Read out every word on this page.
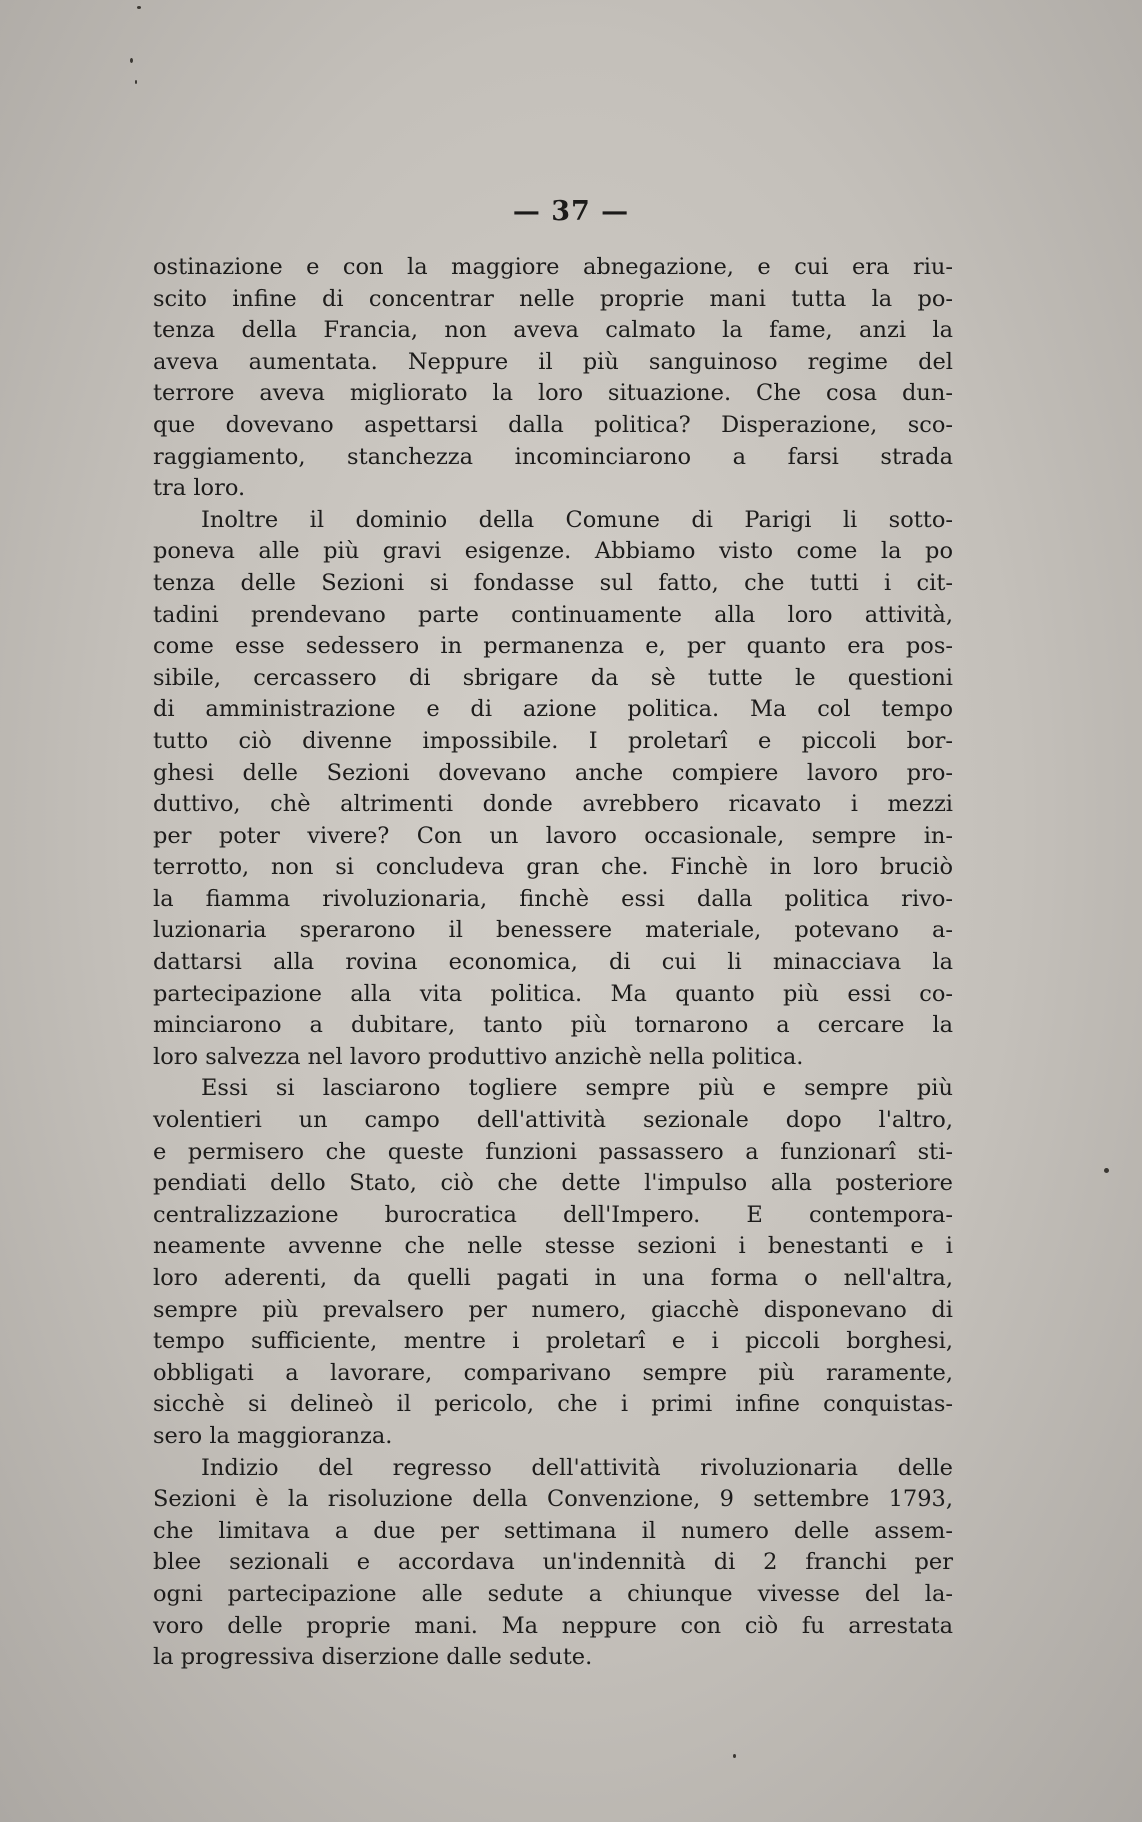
— 37 —
ostinazione e con la maggiore abnegazione, e cui era riu-
scito infine di concentrar nelle proprie mani tutta la po-
tenza della Francia, non aveva calmato la fame, anzi la
aveva aumentata. Neppure il più sanguinoso regime del
terrore aveva migliorato la loro situazione. Che cosa dun-
que dovevano aspettarsi dalla politica? Disperazione, sco-
raggiamento, stanchezza incominciarono a farsi strada
tra loro.
Inoltre il dominio della Comune di Parigi li sotto-
poneva alle più gravi esigenze. Abbiamo visto come la po
tenza delle Sezioni si fondasse sul fatto, che tutti i cit-
tadini prendevano parte continuamente alla loro attività,
come esse sedessero in permanenza e, per quanto era pos-
sibile, cercassero di sbrigare da sè tutte le questioni
di amministrazione e di azione politica. Ma col tempo
tutto ciò divenne impossibile. I proletarî e piccoli bor-
ghesi delle Sezioni dovevano anche compiere lavoro pro-
duttivo, chè altrimenti donde avrebbero ricavato i mezzi
per poter vivere? Con un lavoro occasionale, sempre in-
terrotto, non si concludeva gran che. Finchè in loro bruciò
la fiamma rivoluzionaria, finchè essi dalla politica rivo-
luzionaria sperarono il benessere materiale, potevano a-
dattarsi alla rovina economica, di cui li minacciava la
partecipazione alla vita politica. Ma quanto più essi co-
minciarono a dubitare, tanto più tornarono a cercare la
loro salvezza nel lavoro produttivo anzichè nella politica.
Essi si lasciarono togliere sempre più e sempre più
volentieri un campo dell'attività sezionale dopo l'altro,
e permisero che queste funzioni passassero a funzionarî sti-
pendiati dello Stato, ciò che dette l'impulso alla posteriore
centralizzazione burocratica dell'Impero. E contempora-
neamente avvenne che nelle stesse sezioni i benestanti e i
loro aderenti, da quelli pagati in una forma o nell'altra,
sempre più prevalsero per numero, giacchè disponevano di
tempo sufficiente, mentre i proletarî e i piccoli borghesi,
obbligati a lavorare, comparivano sempre più raramente,
sicchè si delineò il pericolo, che i primi infine conquistas-
sero la maggioranza.
Indizio del regresso dell'attività rivoluzionaria delle
Sezioni è la risoluzione della Convenzione, 9 settembre 1793,
che limitava a due per settimana il numero delle assem-
blee sezionali e accordava un'indennità di 2 franchi per
ogni partecipazione alle sedute a chiunque vivesse del la-
voro delle proprie mani. Ma neppure con ciò fu arrestata
la progressiva diserzione dalle sedute.
